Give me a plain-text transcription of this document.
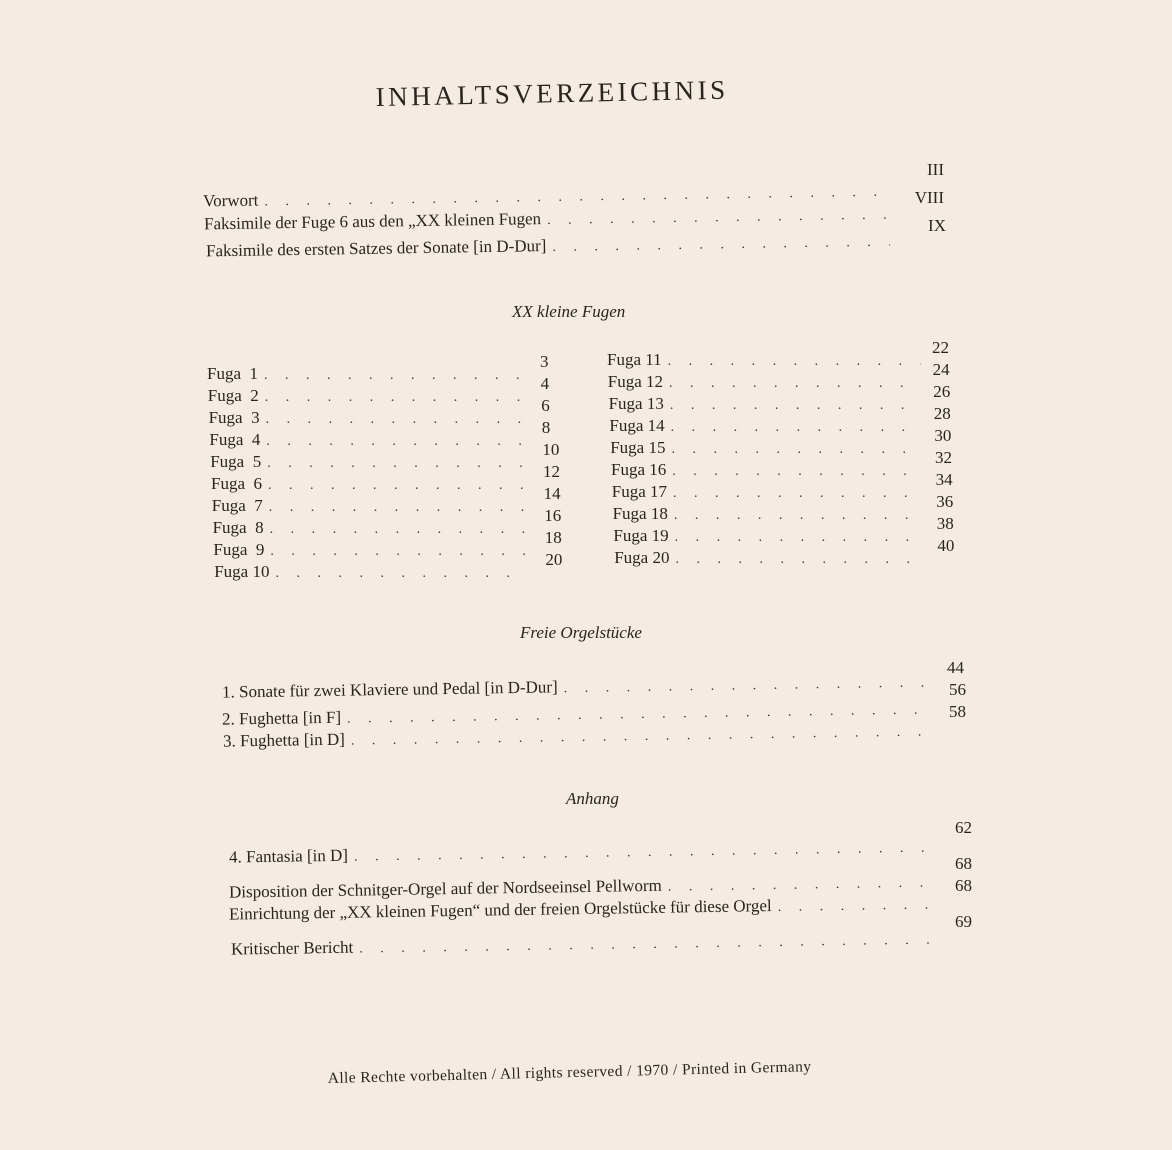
INHALTSVERZEICHNIS
Vorwort
. . .
III
Faksimile der Fuge 6 aus den „XX kleinen Fugen
. . .
VIII
Faksimile des ersten Satzes der Sonate [in D-Dur]
. . .
IX
XX kleine Fugen
Fuga  1
. . .
3
Fuga  2
. . .
4
Fuga  3
. . .
6
Fuga  4
. . .
8
Fuga  5
. . .
10
Fuga  6
. . .
12
Fuga  7
. . .
14
Fuga  8
. . .
16
Fuga  9
. . .
18
Fuga 10
. . .
20
Fuga 11
. . .
22
Fuga 12
. . .
24
Fuga 13
. . .
26
Fuga 14
. . .
28
Fuga 15
. . .
30
Fuga 16
. . .
32
Fuga 17
. . .
34
Fuga 18
. . .
36
Fuga 19
. . .
38
Fuga 20
. . .
40
Freie Orgelstücke
1. Sonate für zwei Klaviere und Pedal [in D-Dur]
. . .
44
2. Fughetta [in F]
. . .
56
3. Fughetta [in D]
. . .
58
Anhang
4. Fantasia [in D]
. . .
62
Disposition der Schnitger-Orgel auf der Nordseeinsel Pellworm
. . .
68
Einrichtung der „XX kleinen Fugen“ und der freien Orgelstücke für diese Orgel
. . .
68
Kritischer Bericht
. . .
69
Alle Rechte vorbehalten / All rights reserved / 1970 / Printed in Germany
